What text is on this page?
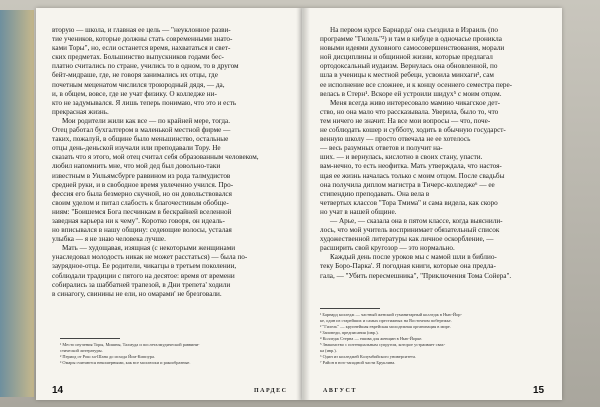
вторую — школа, и главная ее цель — "неуклонное разви-
тие учеников, которые должны стать современными знато-
ками Торы", но, если останется время, нахвататься и свет-
ских предметах. Большинство выпускников годами бес-
платно считались по стране, учились то в одном, то в другом
бейт-мидраше, где, не говоря занимались их отцы, где
почетным меценатом числился троюродный дядя, — да,
и, в общем, вовсе, где не учат физику. О колледже ни-
кто не задумывался. Я лишь теперь понимаю, что это и есть
прекрасная жизнь.
Мои родители жили как все — по крайней мере, тогда.
Отец работал бухгалтером в маленькой местной фирме —
таких, пожалуй, в общине было меньшинство, остальные
отцы день-деньской изучали или преподавали Тору. Не
сказать что я этого, мой отец считал себя образованным человеком,
любил напомнить мне, что мой дед был довольно-таки
известным в Уильямсбурге раввином из рода талмудистов
средней руки, и в свободное время увлеченно учился. Про-
фессия его была безмерно скучной, но он довольствовался
своим уделом и питал слабость к благочестивым обобще-
ниям: "Боишемся Бога песчинкам в бескрайней вселенной
заведная карьера ни к чему". Коротко говоря, он идеаль-
но вписывался в нашу общину: седеющие волосы, усталая
улыбка — я не знаю человека лучше.
Мать — худощавая, изящная (с некоторыми женщинами
унаследовал молодость никак не может расстаться) — была по-
заурядное-отца. Ее родители, чикагцы в третьем поколении,
соблюдали традиции с пятого на десятое: время от времени
собирались за шаббатней трапезой, в Дни трепета' ходили
в синагогу, свинины не ели, но омарами' не брезговали.
¹ Место изучения Торы, Мишны, Талмуда и послеталмудической раввини-
стической литературы.
² Период от Рош ха-Шана до исхода Йом-Киппура.
³ Омары считаются некошерными, как все моллюски и ракообразные.
На первом курсе Барнарда' она съездила в Израиль (по
программе "Гилель"²) и там в кибуце в одночасье проникла
новыми идеями духовного самосовершенствования, морали
ной дисциплины и общинной жизни, которые предлагал
ортодоксальный иудаизм. Вернулась она обновленной, по
шла в ученицы к местной ребецн, усвоила минхаги³, сам
ее исполнение все сложнее, и к концу осеннего семестра пере-
велась в Стерн¹. Вскоре ей устроили шидух⁵ с моим отцом.
Меня всегда живо интересовало мамино чикагское дет-
ство, но она мало что рассказывала. Уверила, было то, что
тем ничего не значит. На все мои вопросы — что, поче-
не соблюдать кошер и субботу, ходить в обычную государст-
венную школу — просто отвечала не ее хотелось
— весь разумных ответов и получит на-
ших. — и вернулась, кислотно в своих стану, упасти.
вам-нечно, то есть неофитка. Мать утверждала, что настоя-
щая ее жизнь началась только с моим отцом. После свадьбы
она получила диплом магистра в Тичерс-колледже⁶ — ее
стипендию преподавать. Она вела в
четвертых классов "Тора Тмима" и сама видела, как скоро
но учат в нашей общине.
— Арье, — сказала она в пятом классе, когда выяснили-
лось, что мой учитель воспринимает обязательный список
художественной литературы как личное оскорбление, —
расширить свой кругозор — это нормально.
Каждый день после уроков мы с мамой шли в библио-
теку Боро-Парка'. Я погодная книги, которые она предла-
гала, — "Убить пересмешника", "Приключения Тома Сойера".
¹ Барнард колледж — частный женский гуманитарный колледж в Нью-Йор-
ке, один из старейших и самых престижных на Восточном побережье.
² "Гилель" — крупнейшая еврейская молодежная организация в мире.
³ Заповеди, предписания (ивр.).
⁴ Колледж Стерна — ешива для женщин в Нью-Йорке.
⁵ Знакомство с потенциальным супругом, которое устраивает свах-
ка (ивр.).
⁶ Один из колледжей Колумбийского университета.
⁷ Район в юго-западной части Бруклина.
14	ПАРДЕС	АВГУСТ	15
